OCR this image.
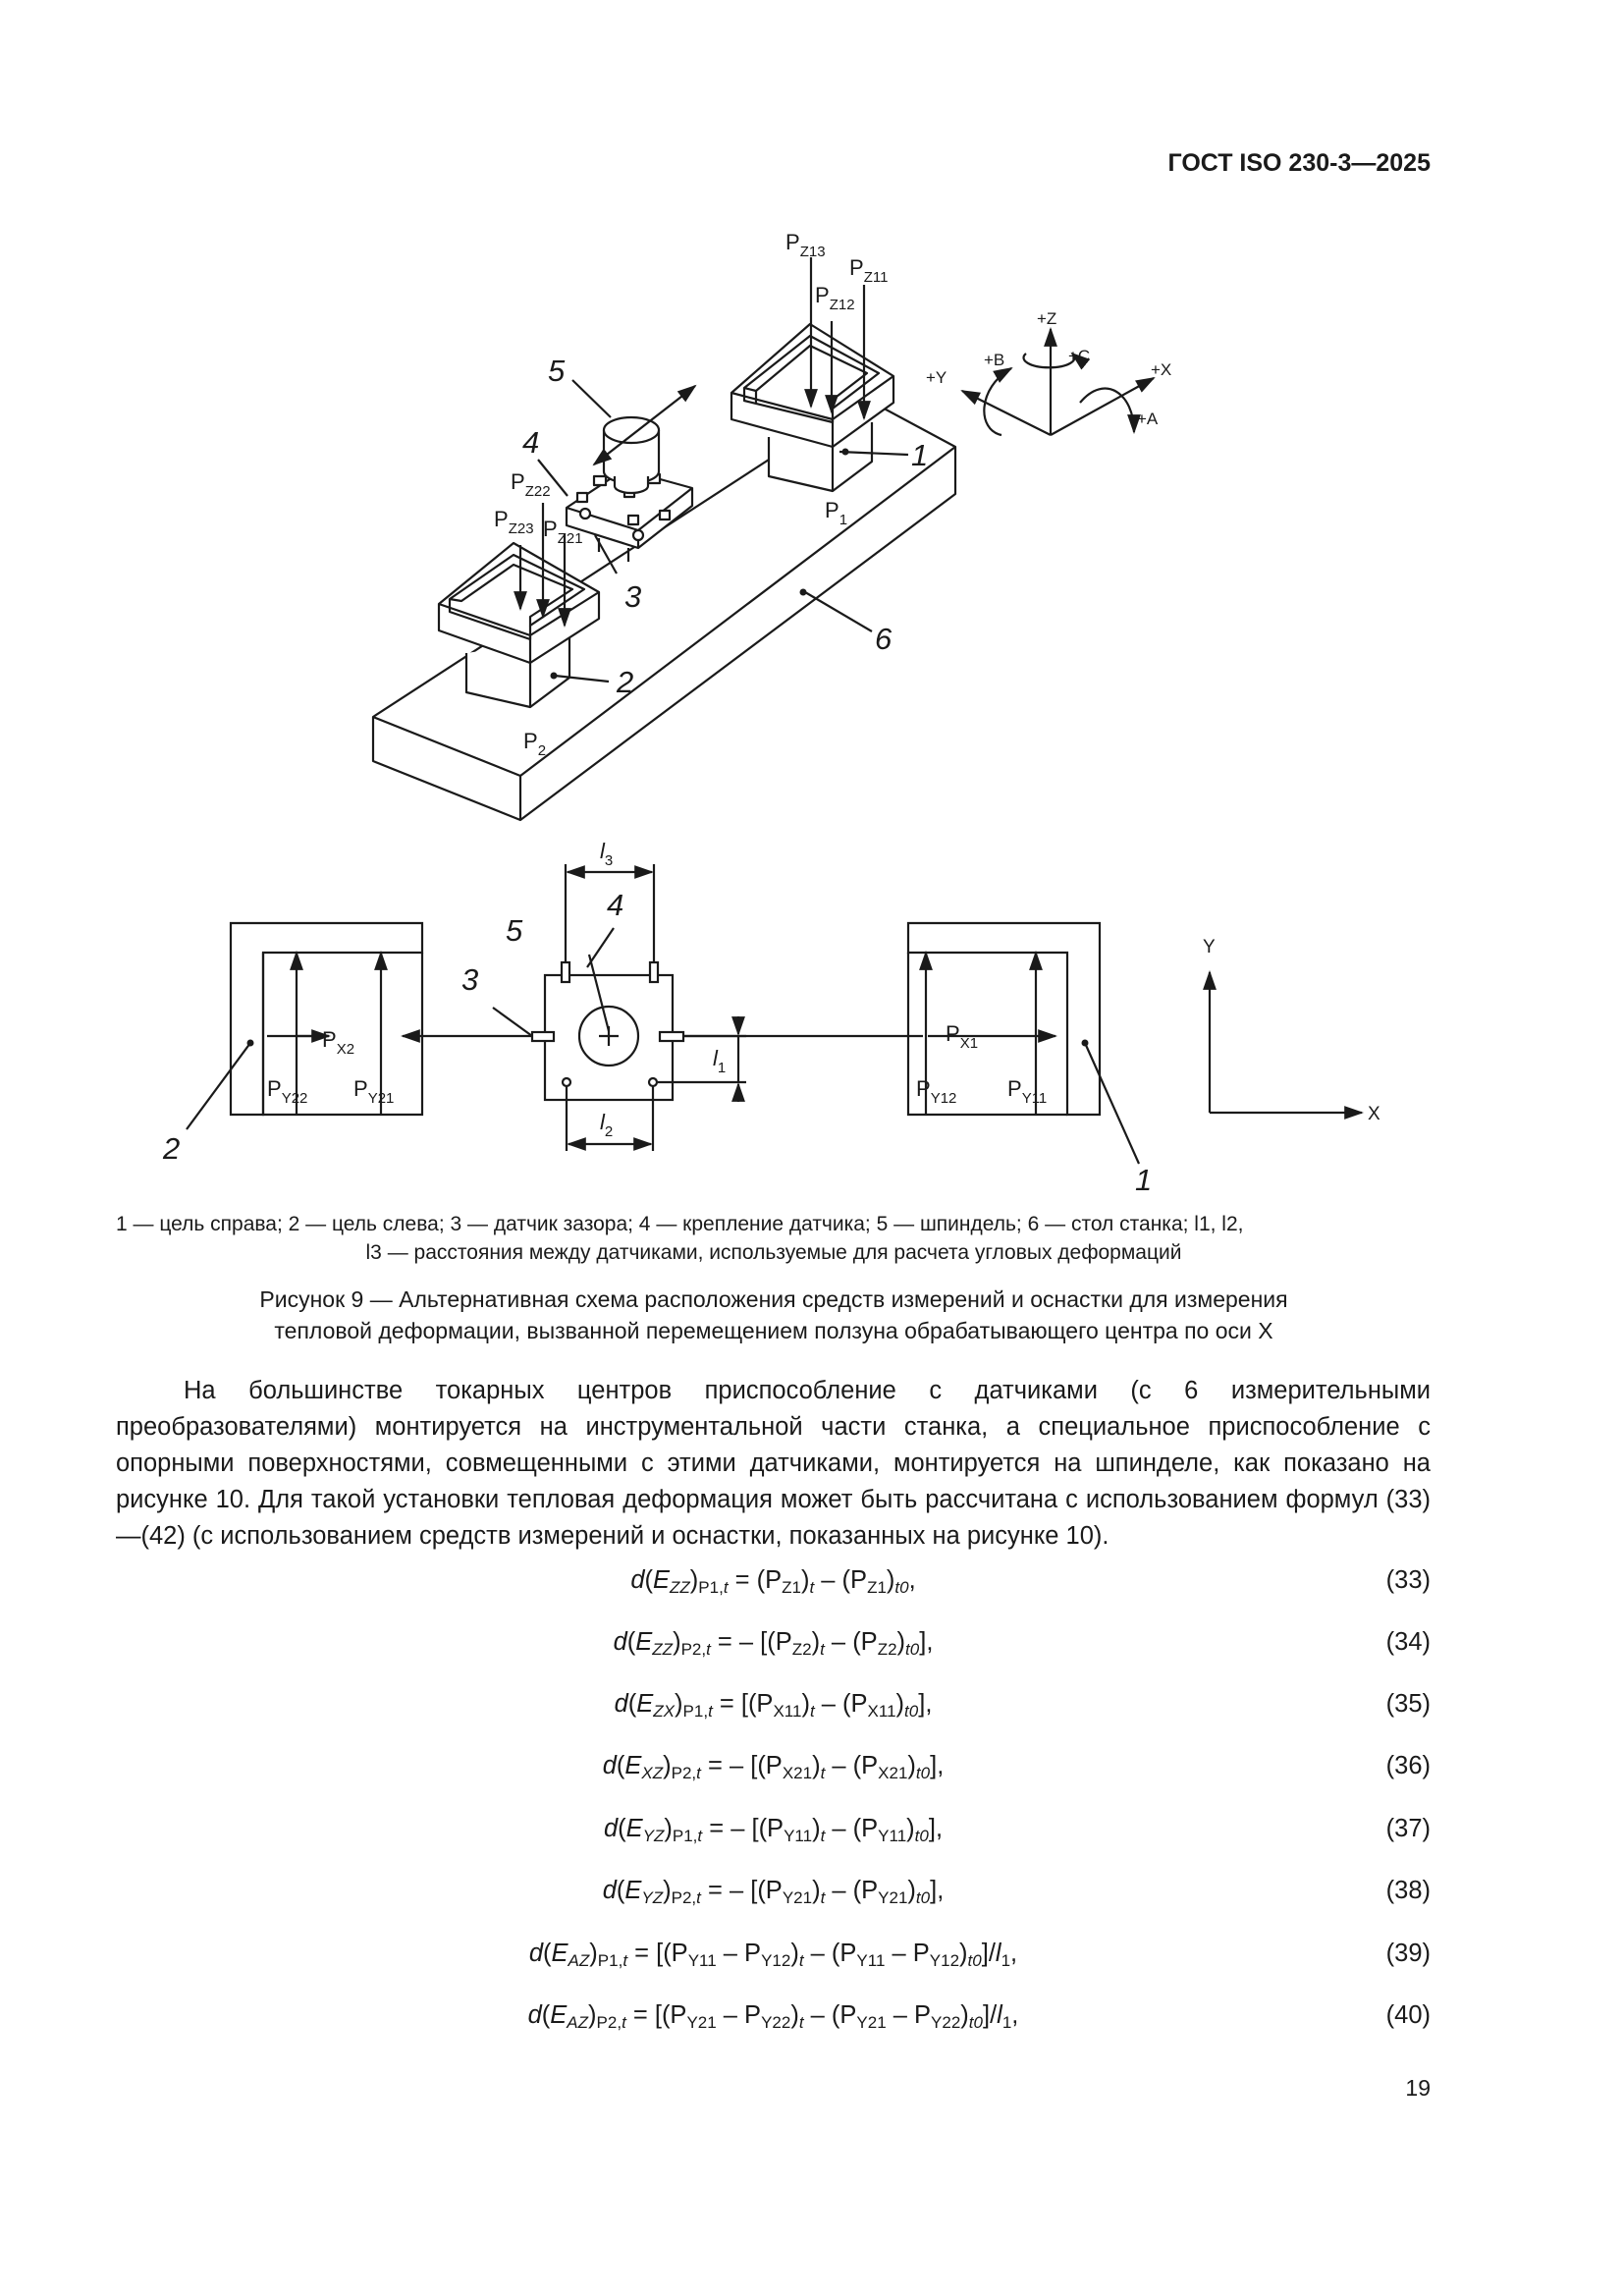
ГОСТ ISO 230-3—2025
$P_{Z13}$
$P_{Z11}$
$P_{Z12}$
$P_{Z22}$
$P_{Z23}$ $P_{Z21}$
$P_1$
$P_2$
1
2
3
4
5
6
+Z
+B	+C
+Y	+X
+A
$P_{X2}$
$P_{Y22}$ $P_{Y21}$
$P_{X1}$
$P_{Y12}$ $P_{Y11}$
$l_3$
$l_2$
$l_1$
1
2
3
4
5	Y
X

1 — цель справа; 2 — цель слева; 3 — датчик зазора; 4 — крепление датчика; 5 — шпиндель; 6 — стол станка; l1, l2,

l3 — расстояния между датчиками, используемые для расчета угловых деформаций

Рисунок 9 — Альтернативная схема расположения средств измерений и оснастки для измерения

тепловой деформации, вызванной перемещением ползуна обрабатывающего центра по оси X

На большинстве токарных центров приспособление с датчиками (с 6 измерительными преобразователями) монтируется на инструментальной части станка, а специальное приспособление с опорными поверхностями, совмещенными с этими датчиками, монтируется на шпинделе, как показано на рисунке 10. Для такой установки тепловая деформация может быть рассчитана с использованием формул (33)—(42) (с использованием средств измерений и оснастки, показанных на рисунке 10).

$d(E_{ZZ})_{P1,t} = (P_{Z1})_t - (P_{Z1})_{t0}$,	(33)
$d(E_{ZZ})_{P2,t}$ = – $[(P_{Z2})_t - (P_{Z2})_{t0}]$,	(34)
$d(E_{ZX})_{P1,t} = [(P_{X11})_t - (P_{X11})_{t0}]$,	(35)
$d(E_{XZ})_{P2,t}$ = – $[(P_{X21})_t - (P_{X21})_{t0}]$,	(36)
$d(E_{YZ})_{P1,t}$ = – $[(P_{Y11})_t - (P_{Y11})_{t0}]$,	(37)
$d(E_{YZ})_{P2,t}$ = – $[(P_{Y21})_t - (P_{Y21})_{t0}]$,	(38)
$d(E_{AZ})_{P1,t} = [(P_{Y11} - P_{Y12})_t - (P_{Y11} - P_{Y12})_{t0}]/l_1$,	(39)
$d(E_{AZ})_{P2,t} = [(P_{Y21} - P_{Y22})_t - (P_{Y21} - P_{Y22})_{t0}]/l_1$,	(40)
19
